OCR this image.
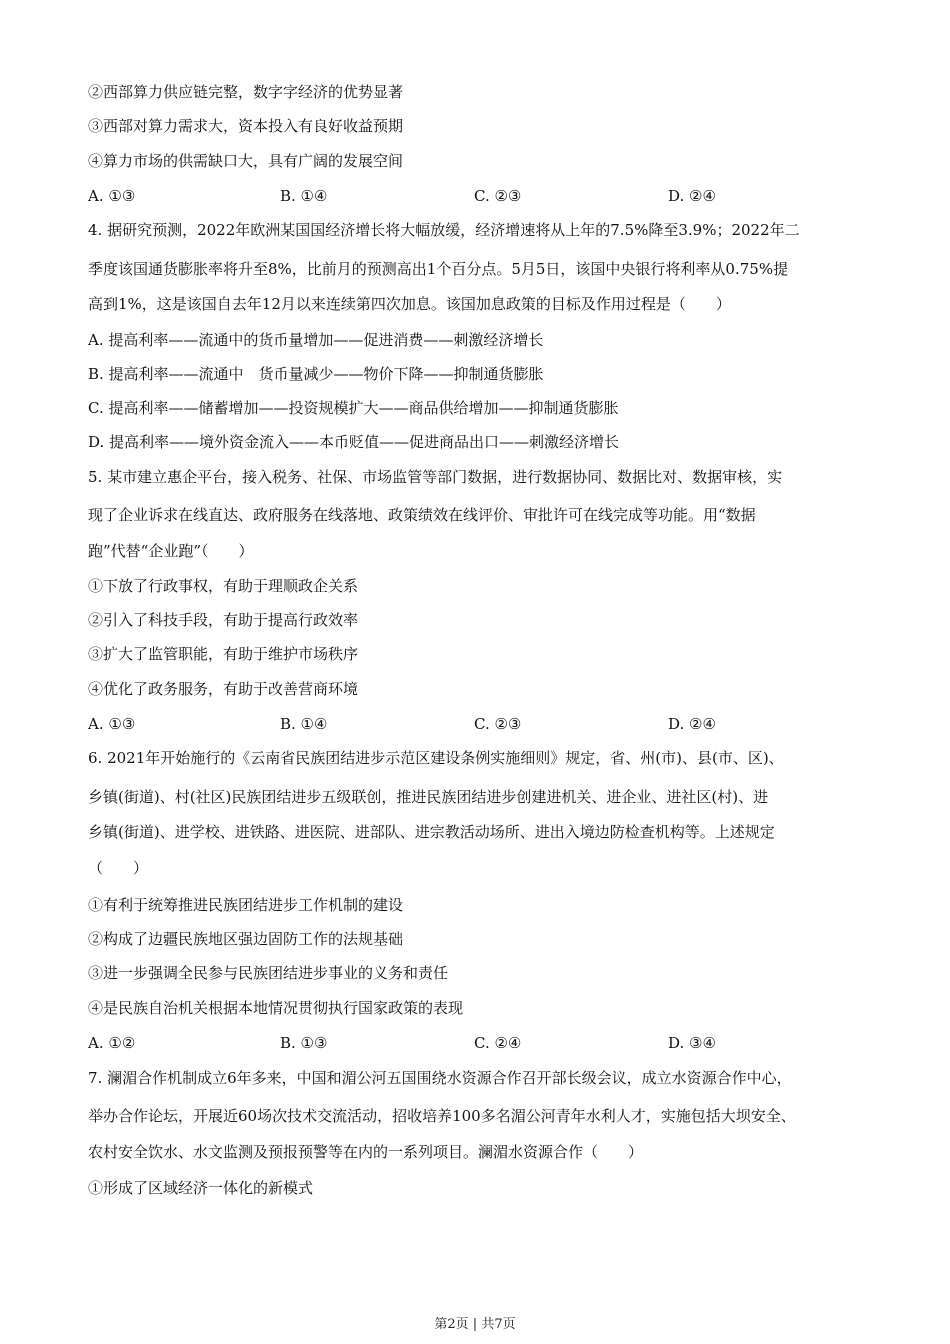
②西部算力供应链完整，数字字经济的优势显著
③西部对算力需求大，资本投入有良好收益预期
④算力市场的供需缺口大，具有广阔的发展空间
A. ①③	B. ①④	C. ②③	D. ②④
4. 据研究预测，2022年欧洲某国国经济增长将大幅放缓，经济增速将从上年的7.5%降至3.9%；2022年二
季度该国通货膨胀率将升至8%，比前月的预测高出1个百分点。5月5日，该国中央银行将利率从0.75%提
高到1%，这是该国自去年12月以来连续第四次加息。该国加息政策的目标及作用过程是（　　）
A. 提高利率——流通中的货币量增加——促进消费——刺激经济增长
B. 提高利率——流通中　货币量减少——物价下降——抑制通货膨胀
C. 提高利率——储蓄增加——投资规模扩大——商品供给增加——抑制通货膨胀
D. 提高利率——境外资金流入——本币贬值——促进商品出口——刺激经济增长
5. 某市建立惠企平台，接入税务、社保、市场监管等部门数据，进行数据协同、数据比对、数据审核，实
现了企业诉求在线直达、政府服务在线落地、政策绩效在线评价、审批许可在线完成等功能。用“数据
跑”代替“企业跑”（　　）
①下放了行政事权，有助于理顺政企关系
②引入了科技手段，有助于提高行政效率
③扩大了监管职能，有助于维护市场秩序
④优化了政务服务，有助于改善营商环境
A. ①③	B. ①④	C. ②③	D. ②④
6. 2021年开始施行的《云南省民族团结进步示范区建设条例实施细则》规定，省、州(市)、县(市、区)、
乡镇(街道)、村(社区)民族团结进步五级联创，推进民族团结进步创建进机关、进企业、进社区(村)、进
乡镇(街道)、进学校、进铁路、进医院、进部队、进宗教活动场所、进出入境边防检查机构等。上述规定
（　　）
①有利于统筹推进民族团结进步工作机制的建设
②构成了边疆民族地区强边固防工作的法规基础
③进一步强调全民参与民族团结进步事业的义务和责任
④是民族自治机关根据本地情况贯彻执行国家政策的表现
A. ①②	B. ①③	C. ②④	D. ③④
7. 澜湄合作机制成立6年多来，中国和湄公河五国围绕水资源合作召开部长级会议，成立水资源合作中心，
举办合作论坛，开展近60场次技术交流活动，招收培养100多名湄公河青年水利人才，实施包括大坝安全、
农村安全饮水、水文监测及预报预警等在内的一系列项目。澜湄水资源合作（　　）
①形成了区域经济一体化的新模式
第2页 | 共7页
